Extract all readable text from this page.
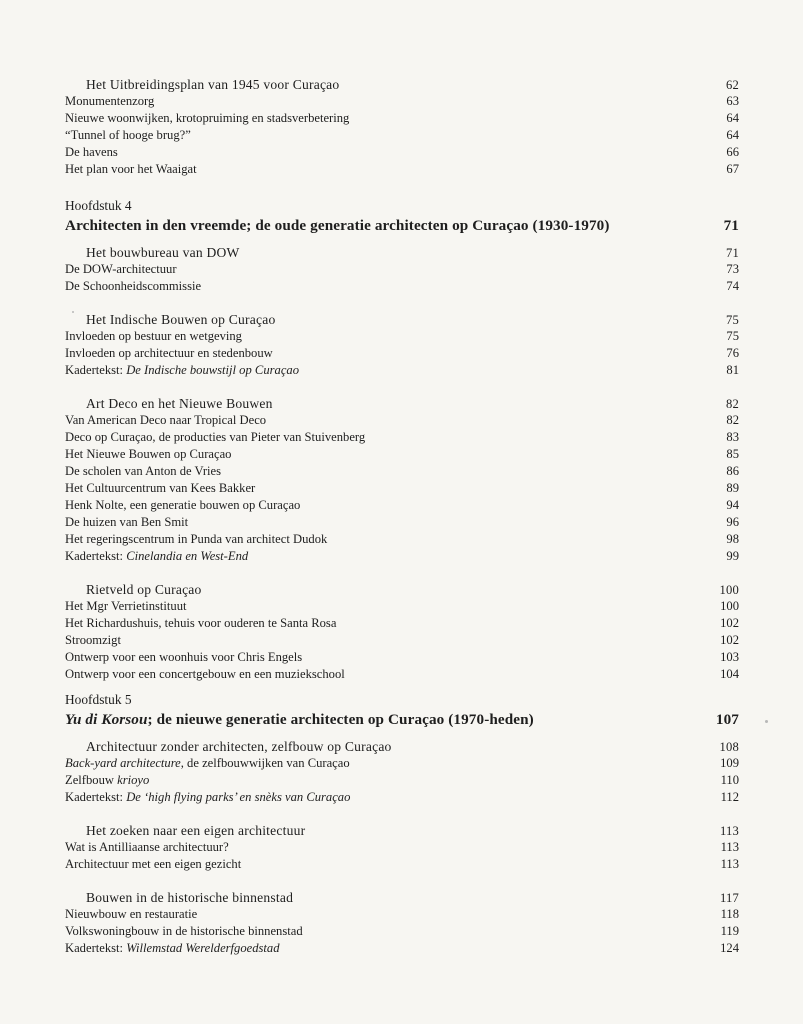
Het Uitbreidingsplan van 1945 voor Curaçao	62
Monumentenzorg	63
Nieuwe woonwijken, krotopruiming en stadsverbetering	64
“Tunnel of hooge brug?”	64
De havens	66
Het plan voor het Waaigat	67
Hoofdstuk 4
Architecten in den vreemde; de oude generatie architecten op Curaçao (1930-1970)	71
Het bouwbureau van DOW	71
De DOW-architectuur	73
De Schoonheidscommissie	74
Het Indische Bouwen op Curaçao	75
Invloeden op bestuur en wetgeving	75
Invloeden op architectuur en stedenbouw	76
Kadertekst: De Indische bouwstijl op Curaçao	81
Art Deco en het Nieuwe Bouwen	82
Van American Deco naar Tropical Deco	82
Deco op Curaçao, de producties van Pieter van Stuivenberg	83
Het Nieuwe Bouwen op Curaçao	85
De scholen van Anton de Vries	86
Het Cultuurcentrum van Kees Bakker	89
Henk Nolte, een generatie bouwen op Curaçao	94
De huizen van Ben Smit	96
Het regeringscentrum in Punda van architect Dudok	98
Kadertekst: Cinelandia en West-End	99
Rietveld op Curaçao	100
Het Mgr Verrietinstituut	100
Het Richardushuis, tehuis voor ouderen te Santa Rosa	102
Stroomzigt	102
Ontwerp voor een woonhuis voor Chris Engels	103
Ontwerp voor een concertgebouw en een muziekschool	104
Hoofdstuk 5
Yu di Korsou; de nieuwe generatie architecten op Curaçao (1970-heden)	107
Architectuur zonder architecten, zelfbouw op Curaçao	108
Back-yard architecture, de zelfbouwwijken van Curaçao	109
Zelfbouw krioyo	110
Kadertekst: De ‘high flying parks’ en snèks van Curaçao	112
Het zoeken naar een eigen architectuur	113
Wat is Antilliaanse architectuur?	113
Architectuur met een eigen gezicht	113
Bouwen in de historische binnenstad	117
Nieuwbouw en restauratie	118
Volkswoningbouw in de historische binnenstad	119
Kadertekst: Willemstad Werelderfgoedstad	124
